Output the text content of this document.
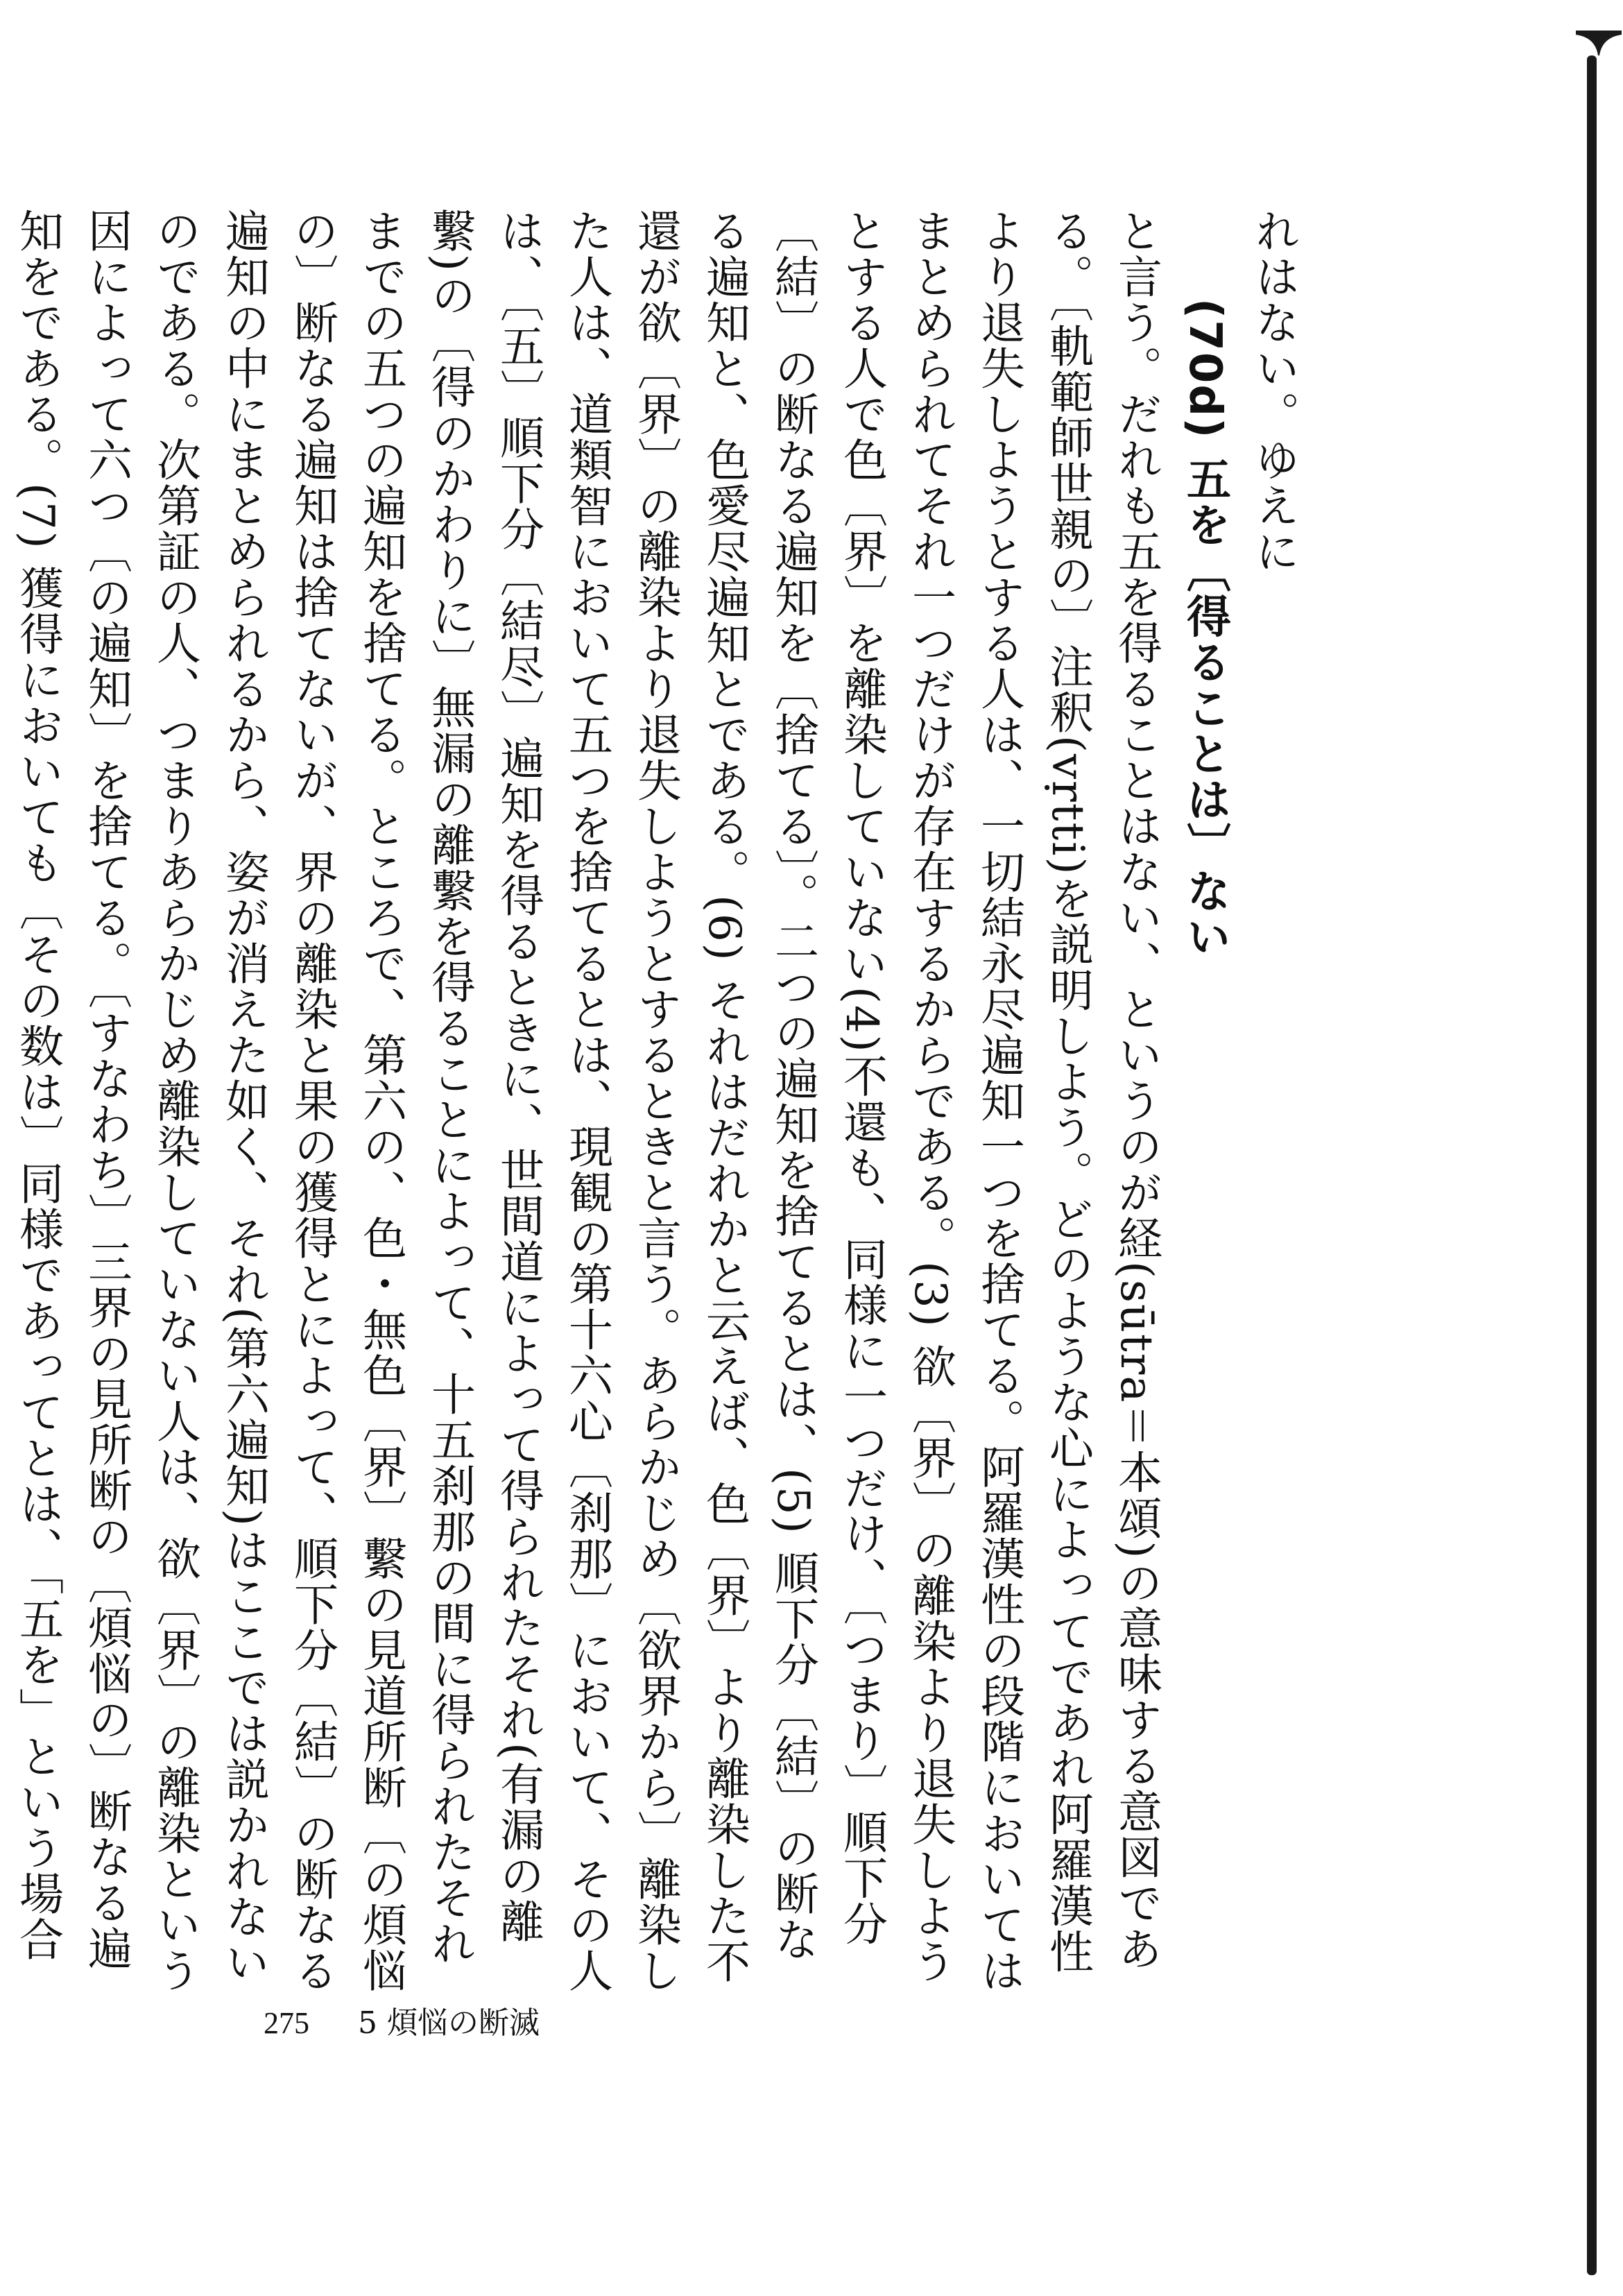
れはない。ゆえに

(70d) 五を〔得ることは〕ない

と言う。だれも五を得ることはない、というのが経(sūtra＝本頌)の意味する意図である。〔軌範師世親の〕注釈(vṛtti)を説明しよう。どのような心によってであれ阿羅漢性より退失しようとする人は、一切結永尽遍知一つを捨てる。阿羅漢性の段階においてはまとめられてそれ一つだけが存在するからである。(3) 欲〔界〕の離染より退失しようとする人で色〔界〕を離染していない(4)不還も、同様に一つだけ、〔つまり〕順下分〔結〕の断なる遍知を〔捨てる〕。二つの遍知を捨てるとは、(5) 順下分〔結〕の断なる遍知と、色愛尽遍知とである。(6) それはだれかと云えば、色〔界〕より離染した不還が欲〔界〕の離染より退失しようとするときと言う。あらかじめ〔欲界から〕離染した人は、道類智において五つを捨てるとは、現観の第十六心〔刹那〕において、その人は、〔五〕順下分〔結尽〕遍知を得るときに、世間道によって得られたそれ(有漏の離繫)の〔得のかわりに〕無漏の離繫を得ることによって、十五刹那の間に得られたそれまでの五つの遍知を捨てる。ところで、第六の、色・無色〔界〕繫の見道所断〔の煩悩の〕断なる遍知は捨てないが、界の離染と果の獲得とによって、順下分〔結〕の断なる遍知の中にまとめられるから、姿が消えた如く、それ(第六遍知)はここでは説かれないのである。次第証の人、つまりあらかじめ離染していない人は、欲〔界〕の離染という因によって六つ〔の遍知〕を捨てる。〔すなわち〕三界の見所断の〔煩悩の〕断なる遍知をである。(7) 獲得においても〔その数は〕同様であってとは、「五を」という場合

275 5 煩悩の断滅
